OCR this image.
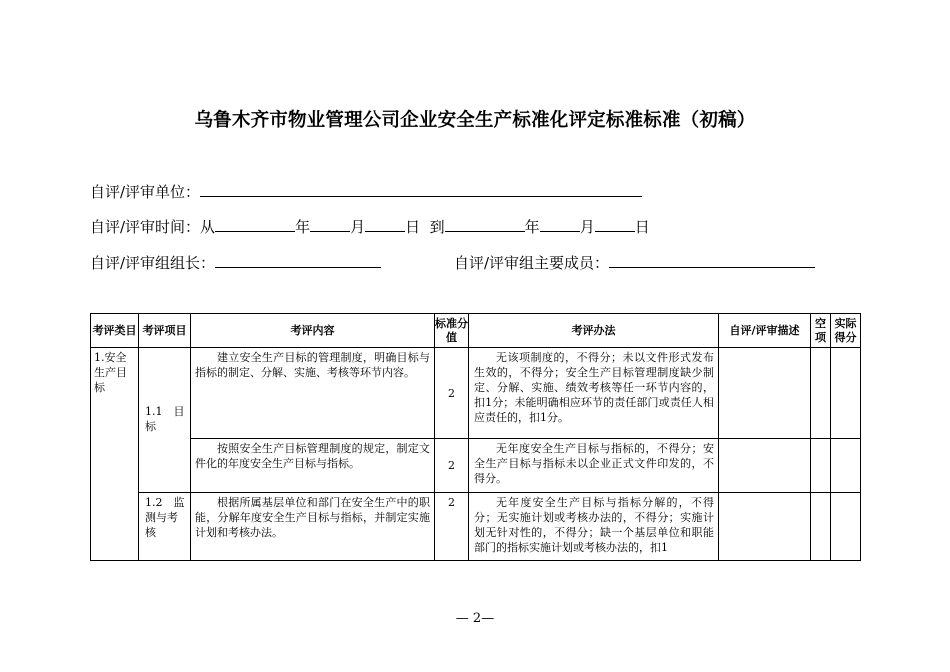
乌鲁木齐市物业管理公司企业安全生产标准化评定标准标准（初稿）
自评/评审单位：
自评/评审时间：从	年	月	日 到	年	月	日
自评/评审组组长：	自评/评审组主要成员：
考评类目	考评项目	考评内容	标准分值	考评办法	自评/评审描述	空项	实际得分
1.安全生产目标	1.1　目标	建立安全生产目标的管理制度，明确目标与指标的制定、分解、实施、考核等环节内容。	2	无该项制度的，不得分；未以文件形式发布生效的，不得分；安全生产目标管理制度缺少制定、分解、实施、绩效考核等任一环节内容的，扣1分；未能明确相应环节的责任部门或责任人相应责任的，扣1分。			

		按照安全生产目标管理制度的规定，制定文件化的年度安全生产目标与指标。	2	无年度安全生产目标与指标的，不得分；安全生产目标与指标未以企业正式文件印发的，不得分。			

	1.2　监测与考核	根据所属基层单位和部门在安全生产中的职能，分解年度安全生产目标与指标，并制定实施计划和考核办法。	2	无年度安全生产目标与指标分解的，不得分；无实施计划或考核办法的，不得分；实施计划无针对性的，不得分；缺一个基层单位和职能部门的指标实施计划或考核办法的，扣1			

— 2—
